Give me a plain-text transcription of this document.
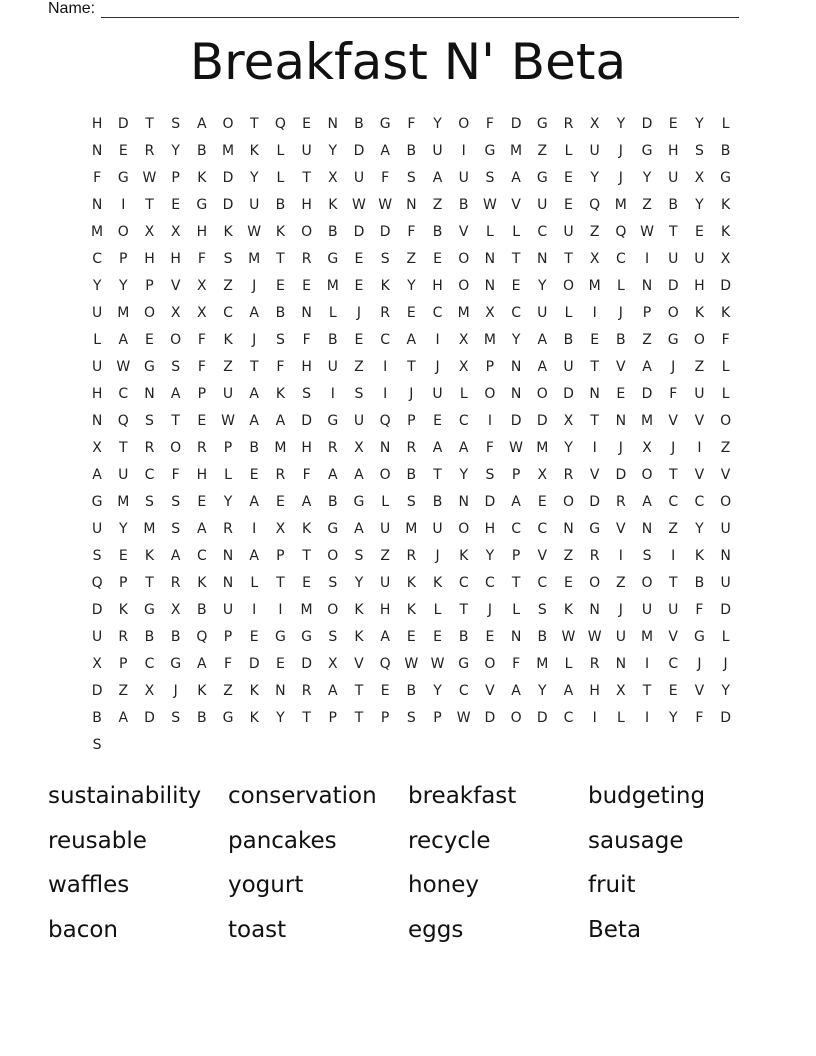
Name:
Breakfast N' Beta
H	D	T	S	A	O	T	Q	E	N	B	G	F	Y	O	F	D	G	R	X	Y	D	E	Y	L
N	E	R	Y	B	M	K	L	U	Y	D	A	B	U	I	G	M	Z	L	U	J	G	H	S	B
F	G W	P	K	D	Y	L	T	X	U	F	S	A	U	S	A	G	E	Y	J	Y	U	X	G
N	I	T	E	G	D	U	B	H	K	W W	N	Z	B	W	V	U	E	Q	M	Z	B	Y	K
M	O	X	X	H	K	W	K	O	B	D	D	F	B	V	L	L	C	U	Z	Q W	T	E	K
C	P	H	H	F	S	M	T	R	G	E	S	Z	E	O	N	T	N	T	X	C	I	U	U	X
Y	Y	P	V	X	Z	J	E	E	M	E	K	Y	H	O	N	E	Y	O	M	L	N	D	H	D
U	M	O	X	X	C	A	B	N	L	J	R	E	C	M	X	C	U	L	I	J	P	O	K	K
L	A	E	O	F	K	J	S	F	B	E	C	A	I	X	M	Y	A	B	E	B	Z	G	O	F
U	W G	S	F	Z	T	F	H	U	Z	I	T	J	X	P	N	A	U	T	V	A	J	Z	L
H	C	N	A	P	U	A	K	S	I	S	I	J	U	L	O	N	O	D	N	E	D	F	U	L
N	Q	S	T	E	W	A	A	D	G	U	Q	P	E	C	I	D	D	X	T	N	M	V	V	O
X	T	R	O	R	P	B	M	H	R	X	N	R	A	A	F	W M	Y	I	J	X	J	I	Z
A	U	C	F	H	L	E	R	F	A	A	O	B	T	Y	S	P	X	R	V	D	O	T	V	V
G	M	S	S	E	Y	A	E	A	B	G	L	S	B	N	D	A	E	O	D	R	A	C	C	O
U	Y	M	S	A	R	I	X	K	G	A	U	M	U	O	H	C	C	N	G	V	N	Z	Y	U
S	E	K	A	C	N	A	P	T	O	S	Z	R	J	K	Y	P	V	Z	R	I	S	I	K	N
Q	P	T	R	K	N	L	T	E	S	Y	U	K	K	C	C	T	C	E	O	Z	O	T	B	U
D	K	G	X	B	U	I	I	M	O	K	H	K	L	T	J	L	S	K	N	J	U	U	F	D
U	R	B	B	Q	P	E	G	G	S	K	A	E	E	B	E	N	B	W W	U	M	V	G	L
X	P	C	G	A	F	D	E	D	X	V	Q W W G	O	F	M	L	R	N	I	C	J	J
D	Z	X	J	K	Z	K	N	R	A	T	E	B	Y	C	V	A	Y	A	H	X	T	E	V	Y
B	A	D	S	B	G	K	Y	T	P	T	P	S	P	W D	O	D	C	I	L	I	Y	F	D
S
sustainability	conservation	breakfast	budgeting
reusable	pancakes	recycle	sausage
waffles	yogurt	honey	fruit
bacon	toast	eggs	Beta
